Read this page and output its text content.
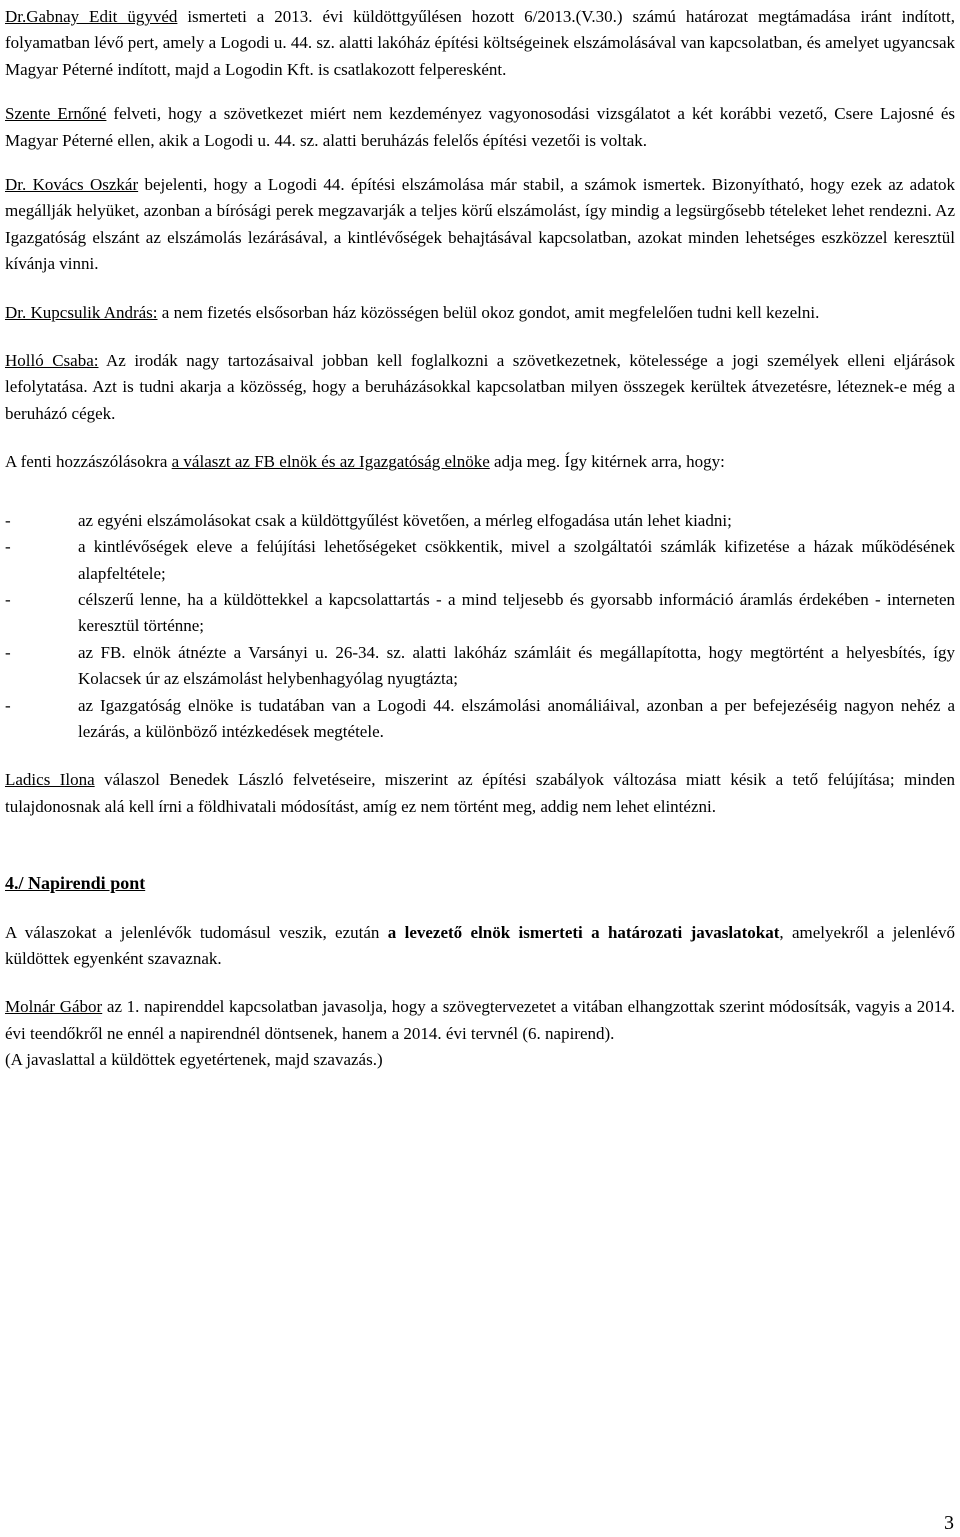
Dr.Gabnay Edit ügyvéd ismerteti a 2013. évi küldöttgyűlésen hozott 6/2013.(V.30.) számú határozat megtámadása iránt indított, folyamatban lévő pert, amely a Logodi u. 44. sz. alatti lakóház építési költségeinek elszámolásával van kapcsolatban, és amelyet ugyancsak Magyar Péterné indított, majd a Logodin Kft. is csatlakozott felperesként.

Szente Ernőné felveti, hogy a szövetkezet miért nem kezdeményez vagyonosodási vizsgálatot a két korábbi vezető, Csere Lajosné és Magyar Péterné ellen, akik a Logodi u. 44. sz. alatti beruházás felelős építési vezetői is voltak.

Dr. Kovács Oszkár bejelenti, hogy a Logodi 44. építési elszámolása már stabil, a számok ismertek. Bizonyítható, hogy ezek az adatok megállják helyüket, azonban a bírósági perek megzavarják a teljes körű elszámolást, így mindig a legsürgősebb tételeket lehet rendezni. Az Igazgatóság elszánt az elszámolás lezárásával, a kintlévőségek behajtásával kapcsolatban, azokat minden lehetséges eszközzel keresztül kívánja vinni.

Dr. Kupcsulik András: a nem fizetés elsősorban ház közösségen belül okoz gondot, amit megfelelően tudni kell kezelni.

Holló Csaba: Az irodák nagy tartozásaival jobban kell foglalkozni a szövetkezetnek, kötelessége a jogi személyek elleni eljárások lefolytatása. Azt is tudni akarja a közösség, hogy a beruházásokkal kapcsolatban milyen összegek kerültek átvezetésre, léteznek-e még a beruházó cégek.

A fenti hozzászólásokra a választ az FB elnök és az Igazgatóság elnöke adja meg. Így kitérnek arra, hogy:

-	az egyéni elszámolásokat csak a küldöttgyűlést követően, a mérleg elfogadása után lehet kiadni;
-	a kintlévőségek eleve a felújítási lehetőségeket csökkentik, mivel a szolgáltatói számlák kifizetése a házak működésének alapfeltétele;
-	célszerű lenne, ha a küldöttekkel a kapcsolattartás - a mind teljesebb és gyorsabb információ áramlás érdekében - interneten keresztül történne;
-	az FB. elnök átnézte a Varsányi u. 26-34. sz. alatti lakóház számláit és megállapította, hogy megtörtént a helyesbítés, így Kolacsek úr az elszámolást helybenhagyólag nyugtázta;
-	az Igazgatóság elnöke is tudatában van a Logodi 44. elszámolási anomáliáival, azonban a per befejezéséig nagyon nehéz a lezárás, a különböző intézkedések megtétele.

Ladics Ilona válaszol Benedek László felvetéseire, miszerint az építési szabályok változása miatt késik a tető felújítása; minden tulajdonosnak alá kell írni a földhivatali módosítást, amíg ez nem történt meg, addig nem lehet elintézni.

4./ Napirendi pont

A válaszokat a jelenlévők tudomásul veszik, ezután a levezető elnök ismerteti a határozati javaslatokat, amelyekről a jelenlévő küldöttek egyenként szavaznak.

Molnár Gábor az 1. napirenddel kapcsolatban javasolja, hogy a szövegtervezetet a vitában elhangzottak szerint módosítsák, vagyis a 2014. évi teendőkről ne ennél a napirendnél döntsenek, hanem a 2014. évi tervnél (6. napirend).

(A javaslattal a küldöttek egyetértenek, majd szavazás.)

3
